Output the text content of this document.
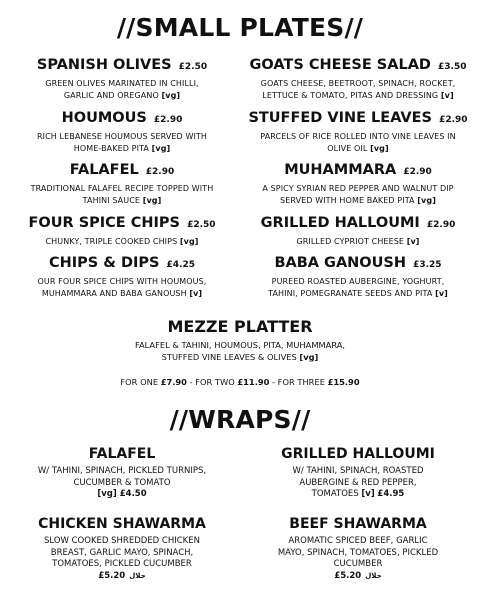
//SMALL PLATES//
SPANISH OLIVES £2.50
GREEN OLIVES MARINATED IN CHILLI,
GARLIC AND OREGANO [vg]
HOUMOUS £2.90
RICH LEBANESE HOUMOUS SERVED WITH
HOME-BAKED PITA [vg]
FALAFEL £2.90
TRADITIONAL FALAFEL RECIPE TOPPED WITH
TAHINI SAUCE [vg]
FOUR SPICE CHIPS £2.50
CHUNKY, TRIPLE COOKED CHIPS [vg]
CHIPS & DIPS £4.25
OUR FOUR SPICE CHIPS WITH HOUMOUS,
MUHAMMARA AND BABA GANOUSH [v]
GOATS CHEESE SALAD £3.50
GOATS CHEESE, BEETROOT, SPINACH, ROCKET,
LETTUCE & TOMATO, PITAS AND DRESSING [v]
STUFFED VINE LEAVES £2.90
PARCELS OF RICE ROLLED INTO VINE LEAVES IN
OLIVE OIL [vg]
MUHAMMARA £2.90
A SPICY SYRIAN RED PEPPER AND WALNUT DIP
SERVED WITH HOME BAKED PITA [vg]
GRILLED HALLOUMI £2.90
GRILLED CYPRIOT CHEESE [v]
BABA GANOUSH £3.25
PUREED ROASTED AUBERGINE, YOGHURT,
TAHINI, POMEGRANATE SEEDS AND PITA [v]
MEZZE PLATTER
FALAFEL & TAHINI, HOUMOUS, PITA, MUHAMMARA,
STUFFED VINE LEAVES & OLIVES [vg]
FOR ONE £7.90 - FOR TWO £11.90 - FOR THREE £15.90
//WRAPS//
FALAFEL
W/ TAHINI, SPINACH, PICKLED TURNIPS,
CUCUMBER & TOMATO
[vg] £4.50
GRILLED HALLOUMI
W/ TAHINI, SPINACH, ROASTED
AUBERGINE & RED PEPPER,
TOMATOES [v] £4.95
CHICKEN SHAWARMA
SLOW COOKED SHREDDED CHICKEN
BREAST, GARLIC MAYO, SPINACH,
TOMATOES, PICKLED CUCUMBER
£5.20 حلال
BEEF SHAWARMA
AROMATIC SPICED BEEF, GARLIC
MAYO, SPINACH, TOMATOES, PICKLED
CUCUMBER
£5.20 حلال
